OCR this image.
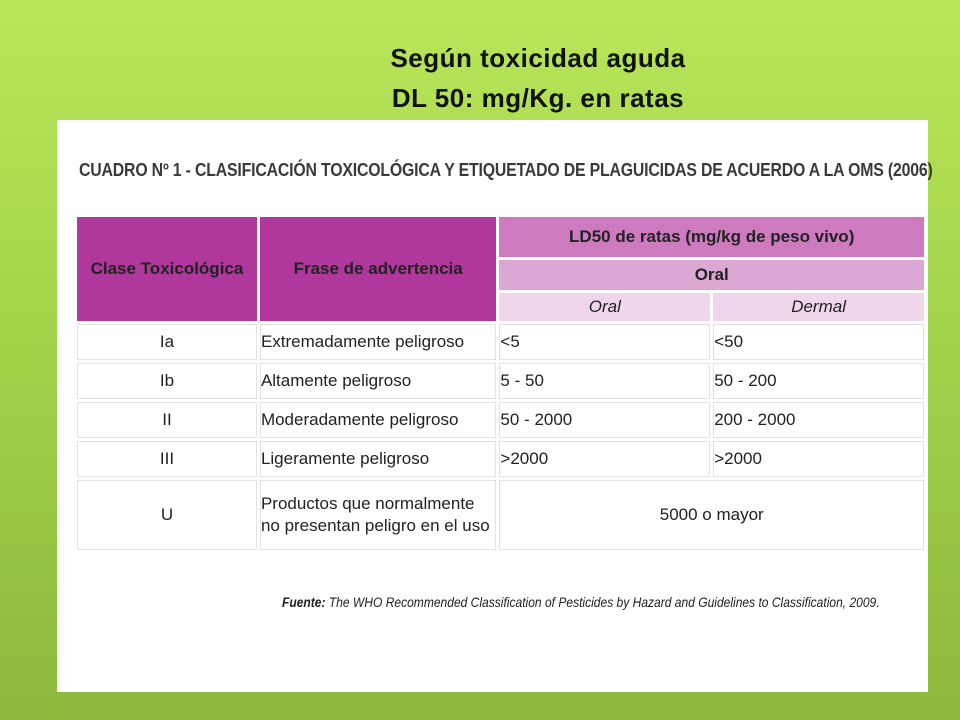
Según toxicidad aguda
DL 50: mg/Kg. en ratas
CUADRO Nº 1 - CLASIFICACIÓN TOXICOLÓGICA Y ETIQUETADO DE PLAGUICIDAS DE ACUERDO A LA OMS (2006)
Clase Toxicológica	Frase de advertencia	LD50 de ratas (mg/kg de peso vivo)	
		Oral	
		Oral	Dermal
Ia	Extremadamente peligroso	<5	<50
Ib	Altamente peligroso	5 - 50	50 - 200
II	Moderadamente peligroso	50 - 2000	200 - 2000
III	Ligeramente peligroso	>2000	>2000
U	Productos que normalmente
no presentan peligro en el uso	5000 o mayor	
Fuente: The WHO Recommended Classification of Pesticides by Hazard and Guidelines to Classification, 2009.
